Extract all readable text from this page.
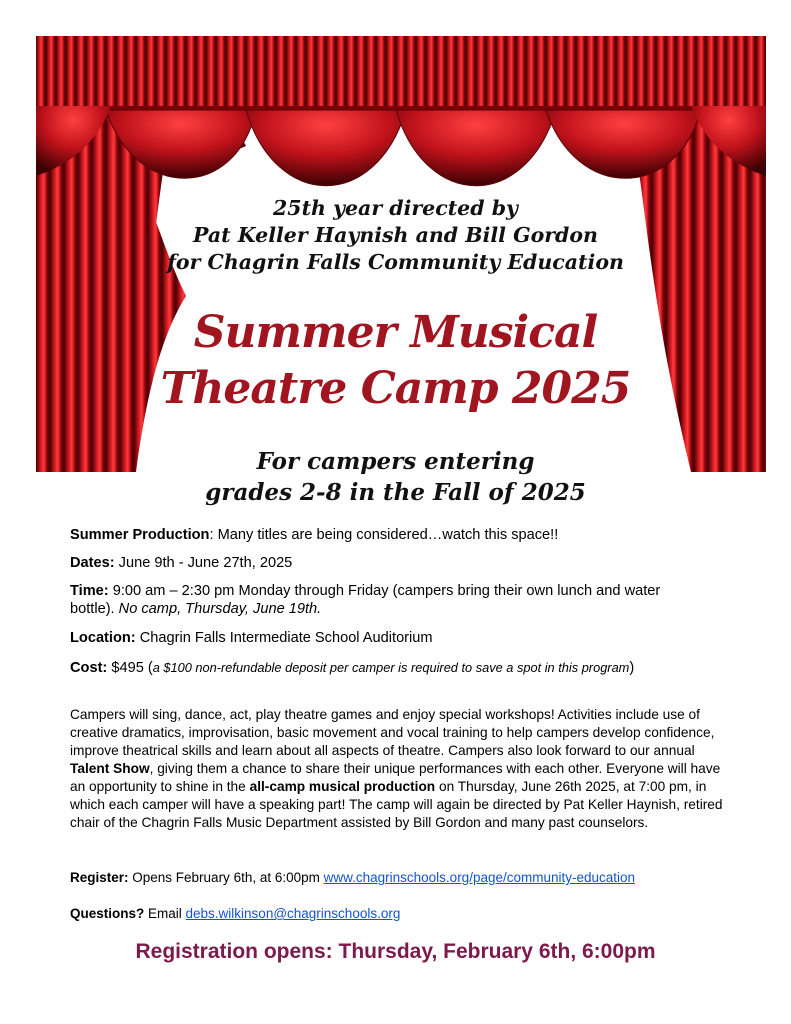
25th year directed by
Pat Keller Haynish and Bill Gordon
for Chagrin Falls Community Education
Summer Musical
Theatre Camp 2025
For campers entering
grades 2-8 in the Fall of 2025
Summer Production: Many titles are being considered…watch this space!!
Dates: June 9th - June 27th, 2025
Time: 9:00 am – 2:30 pm Monday through Friday (campers bring their own lunch and water
bottle). No camp, Thursday, June 19th.
Location: Chagrin Falls Intermediate School Auditorium
Cost: $495 (a $100 non-refundable deposit per camper is required to save a spot in this program)
Campers will sing, dance, act, play theatre games and enjoy special workshops! Activities include use of creative dramatics, improvisation, basic movement and vocal training to help campers develop confidence, improve theatrical skills and learn about all aspects of theatre. Campers also look forward to our annual Talent Show, giving them a chance to share their unique performances with each other. Everyone will have an opportunity to shine in the all-camp musical production on Thursday, June 26th 2025, at 7:00 pm, in which each camper will have a speaking part! The camp will again be directed by Pat Keller Haynish, retired chair of the Chagrin Falls Music Department assisted by Bill Gordon and many past counselors.
Register: Opens February 6th, at 6:00pm www.chagrinschools.org/page/community-education
Questions? Email debs.wilkinson@chagrinschools.org
Registration opens: Thursday, February 6th, 6:00pm
